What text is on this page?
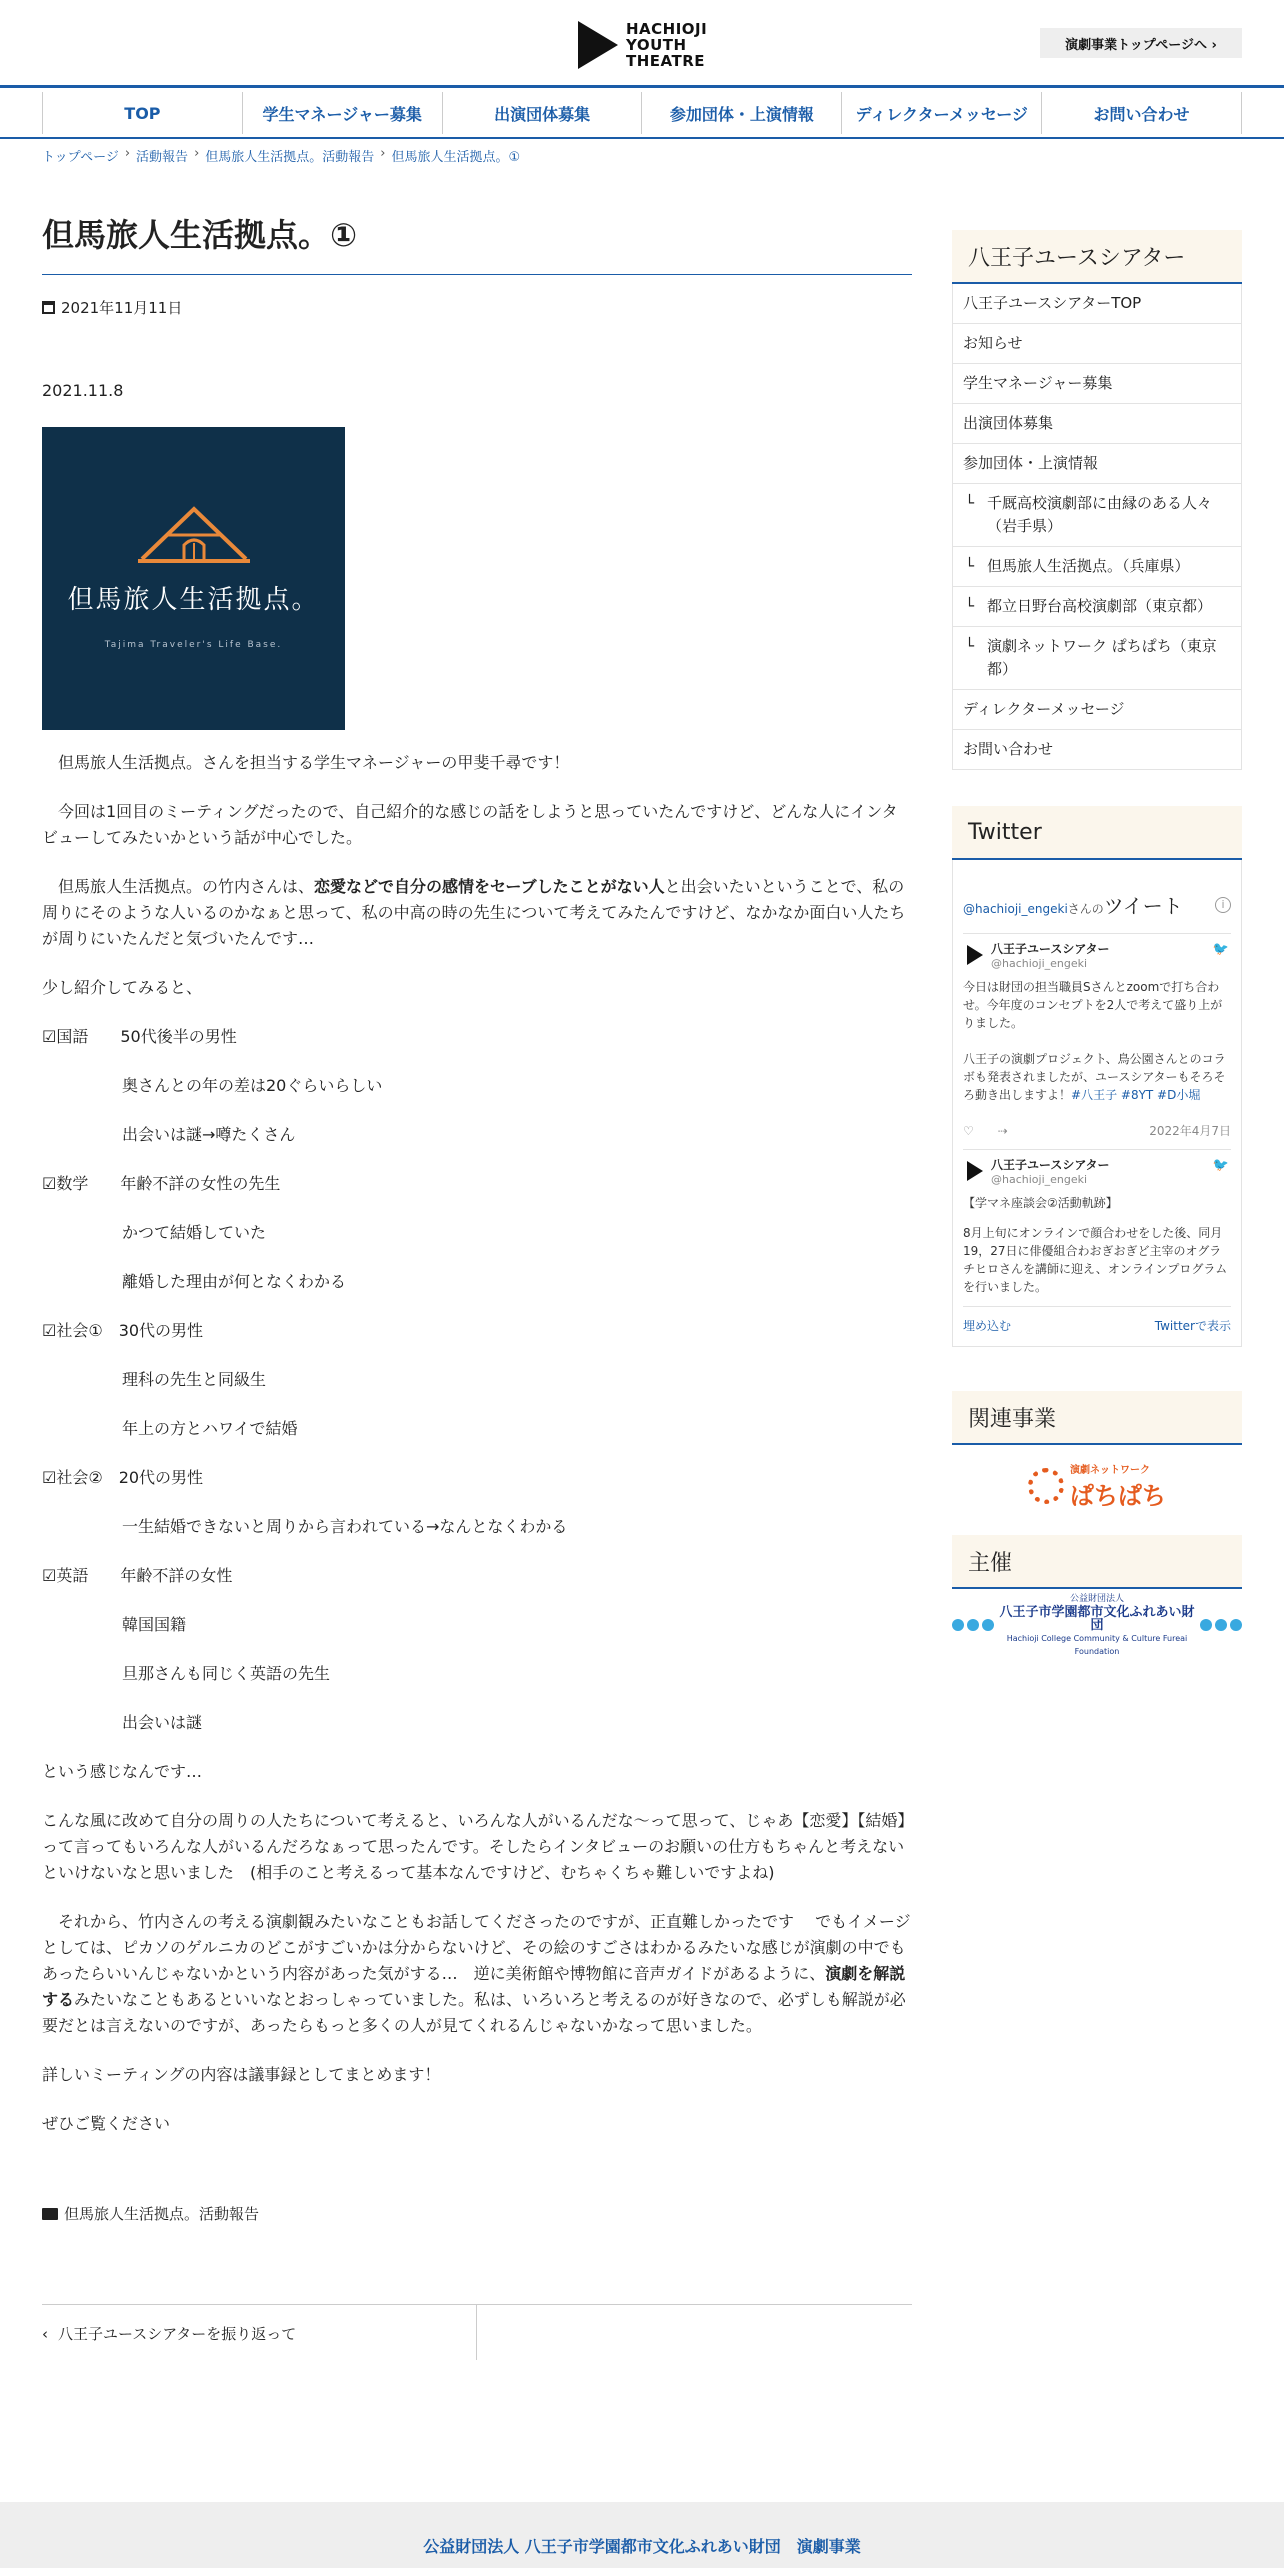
HACHIOJI
YOUTH
THEATRE
演劇事業トップページへ ›
TOP	学生マネージャー募集	出演団体募集	参加団体・上演情報	ディレクターメッセージ	お問い合わせ
トップページ › 活動報告 › 但馬旅人生活拠点。活動報告 › 但馬旅人生活拠点。①
但馬旅人生活拠点。①
2021年11月11日

2021.11.8

但馬旅人生活拠点。
Tajima Traveler's Life Base.

　但馬旅人生活拠点。さんを担当する学生マネージャーの甲斐千尋です！

　今回は1回目のミーティングだったので、自己紹介的な感じの話をしようと思っていたんですけど、どんな人にインタビューしてみたいかという話が中心でした。

　但馬旅人生活拠点。の竹内さんは、恋愛などで自分の感情をセーブしたことがない人と出会いたいということで、私の周りにそのような人いるのかなぁと思って、私の中高の時の先生について考えてみたんですけど、なかなか面白い人たちが周りにいたんだと気づいたんです…

少し紹介してみると、

☑国語　　50代後半の男性

奥さんとの年の差は20ぐらいらしい

出会いは謎→噂たくさん

☑数学　　年齢不詳の女性の先生

かつて結婚していた

離婚した理由が何となくわかる

☑社会①　30代の男性

理科の先生と同級生

年上の方とハワイで結婚

☑社会②　20代の男性

一生結婚できないと周りから言われている→なんとなくわかる

☑英語　　年齢不詳の女性

韓国国籍

旦那さんも同じく英語の先生

出会いは謎

という感じなんです…

こんな風に改めて自分の周りの人たちについて考えると、いろんな人がいるんだな～って思って、じゃあ【恋愛】【結婚】って言ってもいろんな人がいるんだろなぁって思ったんです。そしたらインタビューのお願いの仕方もちゃんと考えないといけないなと思いました　(相手のこと考えるって基本なんですけど、むちゃくちゃ難しいですよね)

　それから、竹内さんの考える演劇観みたいなこともお話してくださったのですが、正直難しかったです　 でもイメージとしては、ピカソのゲルニカのどこがすごいかは分からないけど、その絵のすごさはわかるみたいな感じが演劇の中でもあったらいいんじゃないかという内容があった気がする…　逆に美術館や博物館に音声ガイドがあるように、演劇を解説するみたいなこともあるといいなとおっしゃっていました。私は、いろいろと考えるのが好きなので、必ずしも解説が必要だとは言えないのですが、あったらもっと多くの人が見てくれるんじゃないかなって思いました。

詳しいミーティングの内容は議事録としてまとめます！

ぜひご覧ください

但馬旅人生活拠点。活動報告
‹ 八王子ユースシアターを振り返って
八王子ユースシアター
八王子ユースシアターTOP
お知らせ
学生マネージャー募集
出演団体募集
参加団体・上演情報
└ 千厩高校演劇部に由縁のある人々（岩手県）
└ 但馬旅人生活拠点。（兵庫県）
└ 都立日野台高校演劇部（東京都）
└ 演劇ネットワーク ぱちぱち（東京都）
ディレクターメッセージ
お問い合わせ
Twitter
@hachioji_engekiさんのツイート	i
八王子ユースシアター
@hachioji_engeki
🐦
今日は財団の担当職員Sさんとzoomで打ち合わせ。今年度のコンセプトを2人で考えて盛り上がりました。
八王子の演劇プロジェクト、鳥公園さんとのコラボも発表されましたが、ユースシアターもそろそろ動き出しますよ！#八王子 #8YT #D小堀
♡ ⇢	2022年4月7日
八王子ユースシアター
@hachioji_engeki
🐦
【学マネ座談会②活動軌跡】
8月上旬にオンラインで顔合わせをした後、同月19，27日に俳優組合わおぎおぎど主宰のオグラチヒロさんを講師に迎え、オンラインプログラムを行いました。
埋め込む	Twitterで表示
関連事業
演劇ネットワーク
ぱちぱち
主催
公益財団法人
八王子市学園都市文化ふれあい財団
Hachioji College Community & Culture Fureai Foundation
公益財団法人 八王子市学園都市文化ふれあい財団　演劇事業
